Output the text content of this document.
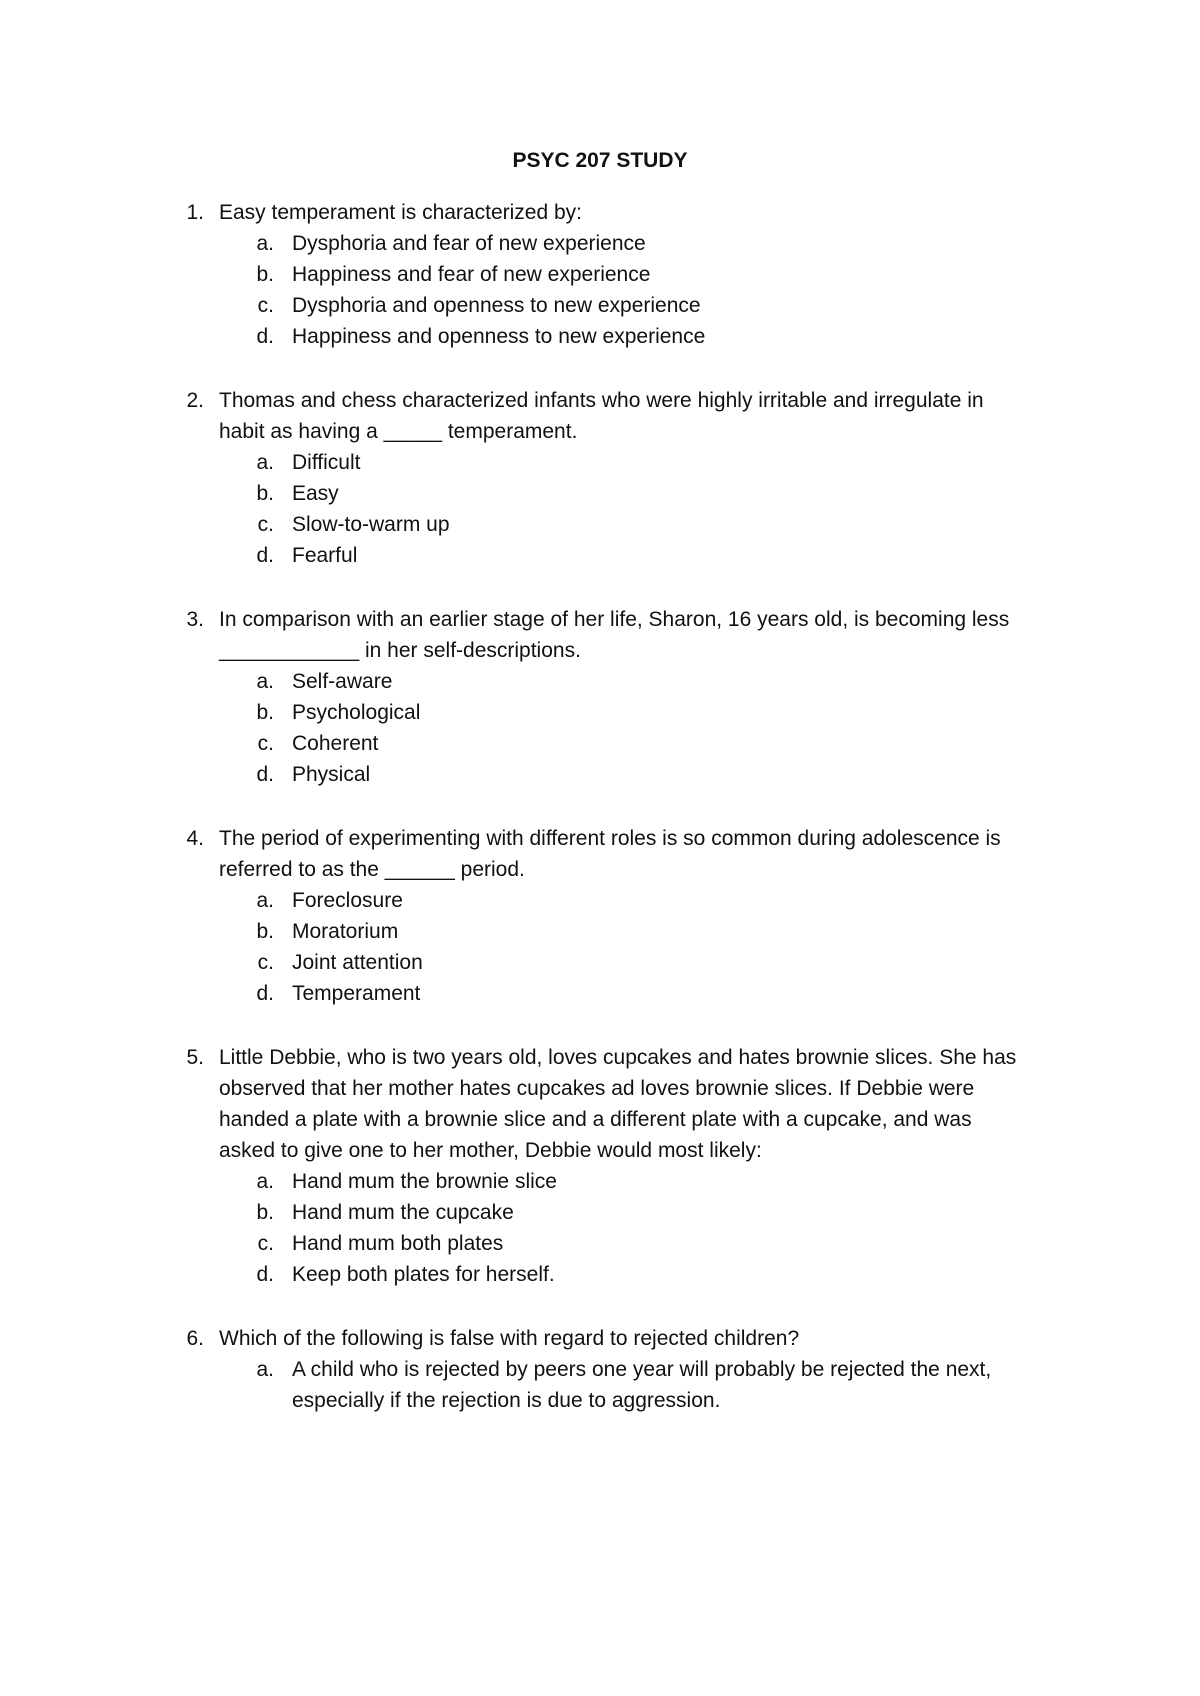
PSYC 207 STUDY
1. Easy temperament is characterized by:
a. Dysphoria and fear of new experience
b. Happiness and fear of new experience
c. Dysphoria and openness to new experience
d. Happiness and openness to new experience
2. Thomas and chess characterized infants who were highly irritable and irregulate in
habit as having a _____ temperament.
a. Difficult
b. Easy
c. Slow-to-warm up
d. Fearful
3. In comparison with an earlier stage of her life, Sharon, 16 years old, is becoming less
____________ in her self-descriptions.
a. Self-aware
b. Psychological
c. Coherent
d. Physical
4. The period of experimenting with different roles is so common during adolescence is
referred to as the ______ period.
a. Foreclosure
b. Moratorium
c. Joint attention
d. Temperament
5. Little Debbie, who is two years old, loves cupcakes and hates brownie slices. She has
observed that her mother hates cupcakes ad loves brownie slices. If Debbie were
handed a plate with a brownie slice and a different plate with a cupcake, and was
asked to give one to her mother, Debbie would most likely:
a. Hand mum the brownie slice
b. Hand mum the cupcake
c. Hand mum both plates
d. Keep both plates for herself.
6. Which of the following is false with regard to rejected children?
a. A child who is rejected by peers one year will probably be rejected the next,
especially if the rejection is due to aggression.
